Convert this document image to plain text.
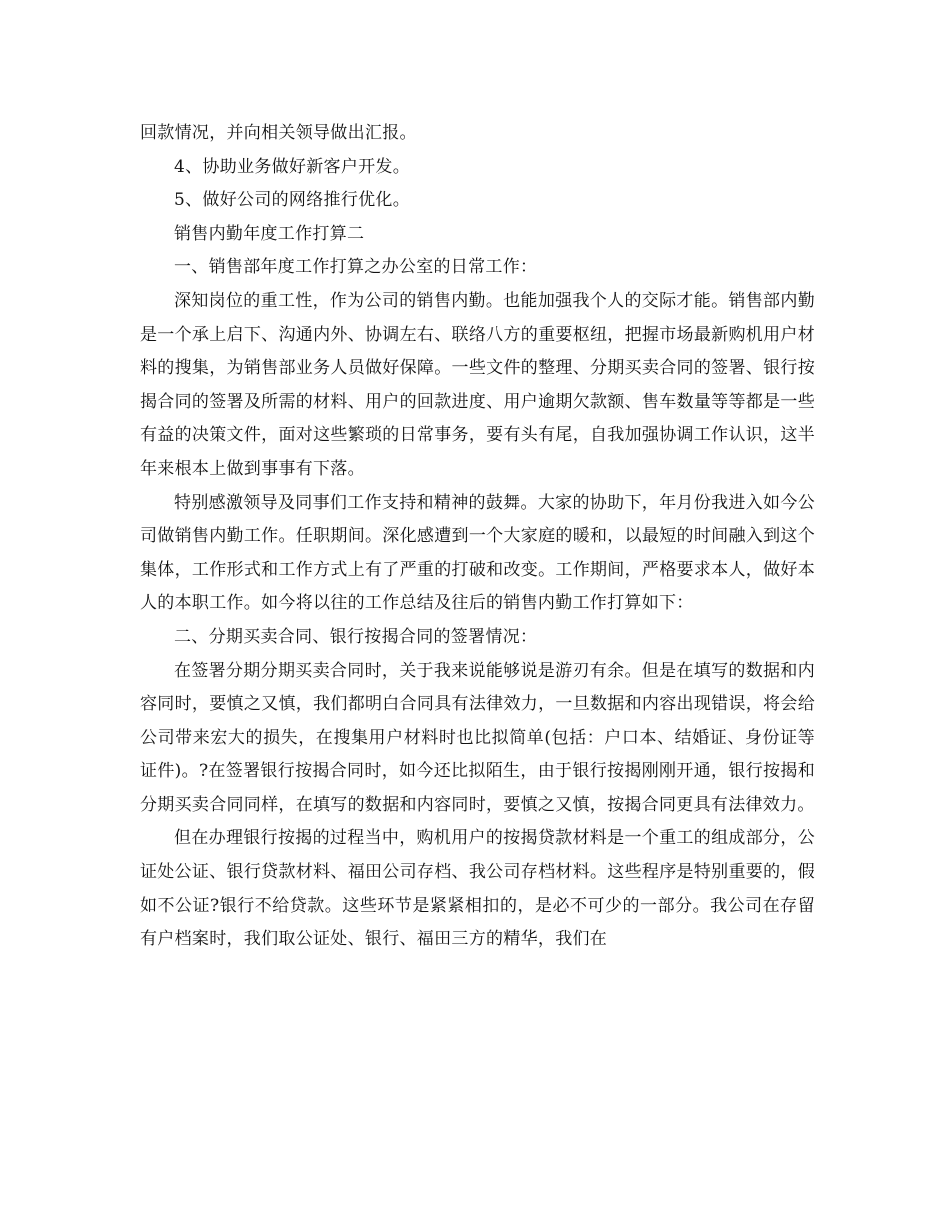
回款情况，并向相关领导做出汇报。

4、协助业务做好新客户开发。

5、做好公司的网络推行优化。

销售内勤年度工作打算二

一、销售部年度工作打算之办公室的日常工作：

深知岗位的重工性，作为公司的销售内勤。也能加强我个人的交际才能。销售部内勤是一个承上启下、沟通内外、协调左右、联络八方的重要枢纽，把握市场最新购机用户材料的搜集，为销售部业务人员做好保障。一些文件的整理、分期买卖合同的签署、银行按揭合同的签署及所需的材料、用户的回款进度、用户逾期欠款额、售车数量等等都是一些有益的决策文件，面对这些繁琐的日常事务，要有头有尾，自我加强协调工作认识，这半年来根本上做到事事有下落。

特别感激领导及同事们工作支持和精神的鼓舞。大家的协助下，年月份我进入如今公司做销售内勤工作。任职期间。深化感遭到一个大家庭的暖和，以最短的时间融入到这个集体，工作形式和工作方式上有了严重的打破和改变。工作期间，严格要求本人，做好本人的本职工作。如今将以往的工作总结及往后的销售内勤工作打算如下：

二、分期买卖合同、银行按揭合同的签署情况：

在签署分期分期买卖合同时，关于我来说能够说是游刃有余。但是在填写的数据和内容同时，要慎之又慎，我们都明白合同具有法律效力，一旦数据和内容出现错误，将会给公司带来宏大的损失，在搜集用户材料时也比拟简单(包括：户口本、结婚证、身份证等证件)。?在签署银行按揭合同时，如今还比拟陌生，由于银行按揭刚刚开通，银行按揭和分期买卖合同同样，在填写的数据和内容同时，要慎之又慎，按揭合同更具有法律效力。

但在办理银行按揭的过程当中，购机用户的按揭贷款材料是一个重工的组成部分，公证处公证、银行贷款材料、福田公司存档、我公司存档材料。这些程序是特别重要的，假如不公证?银行不给贷款。这些环节是紧紧相扣的，是必不可少的一部分。我公司在存留有户档案时，我们取公证处、银行、福田三方的精华，我们在
